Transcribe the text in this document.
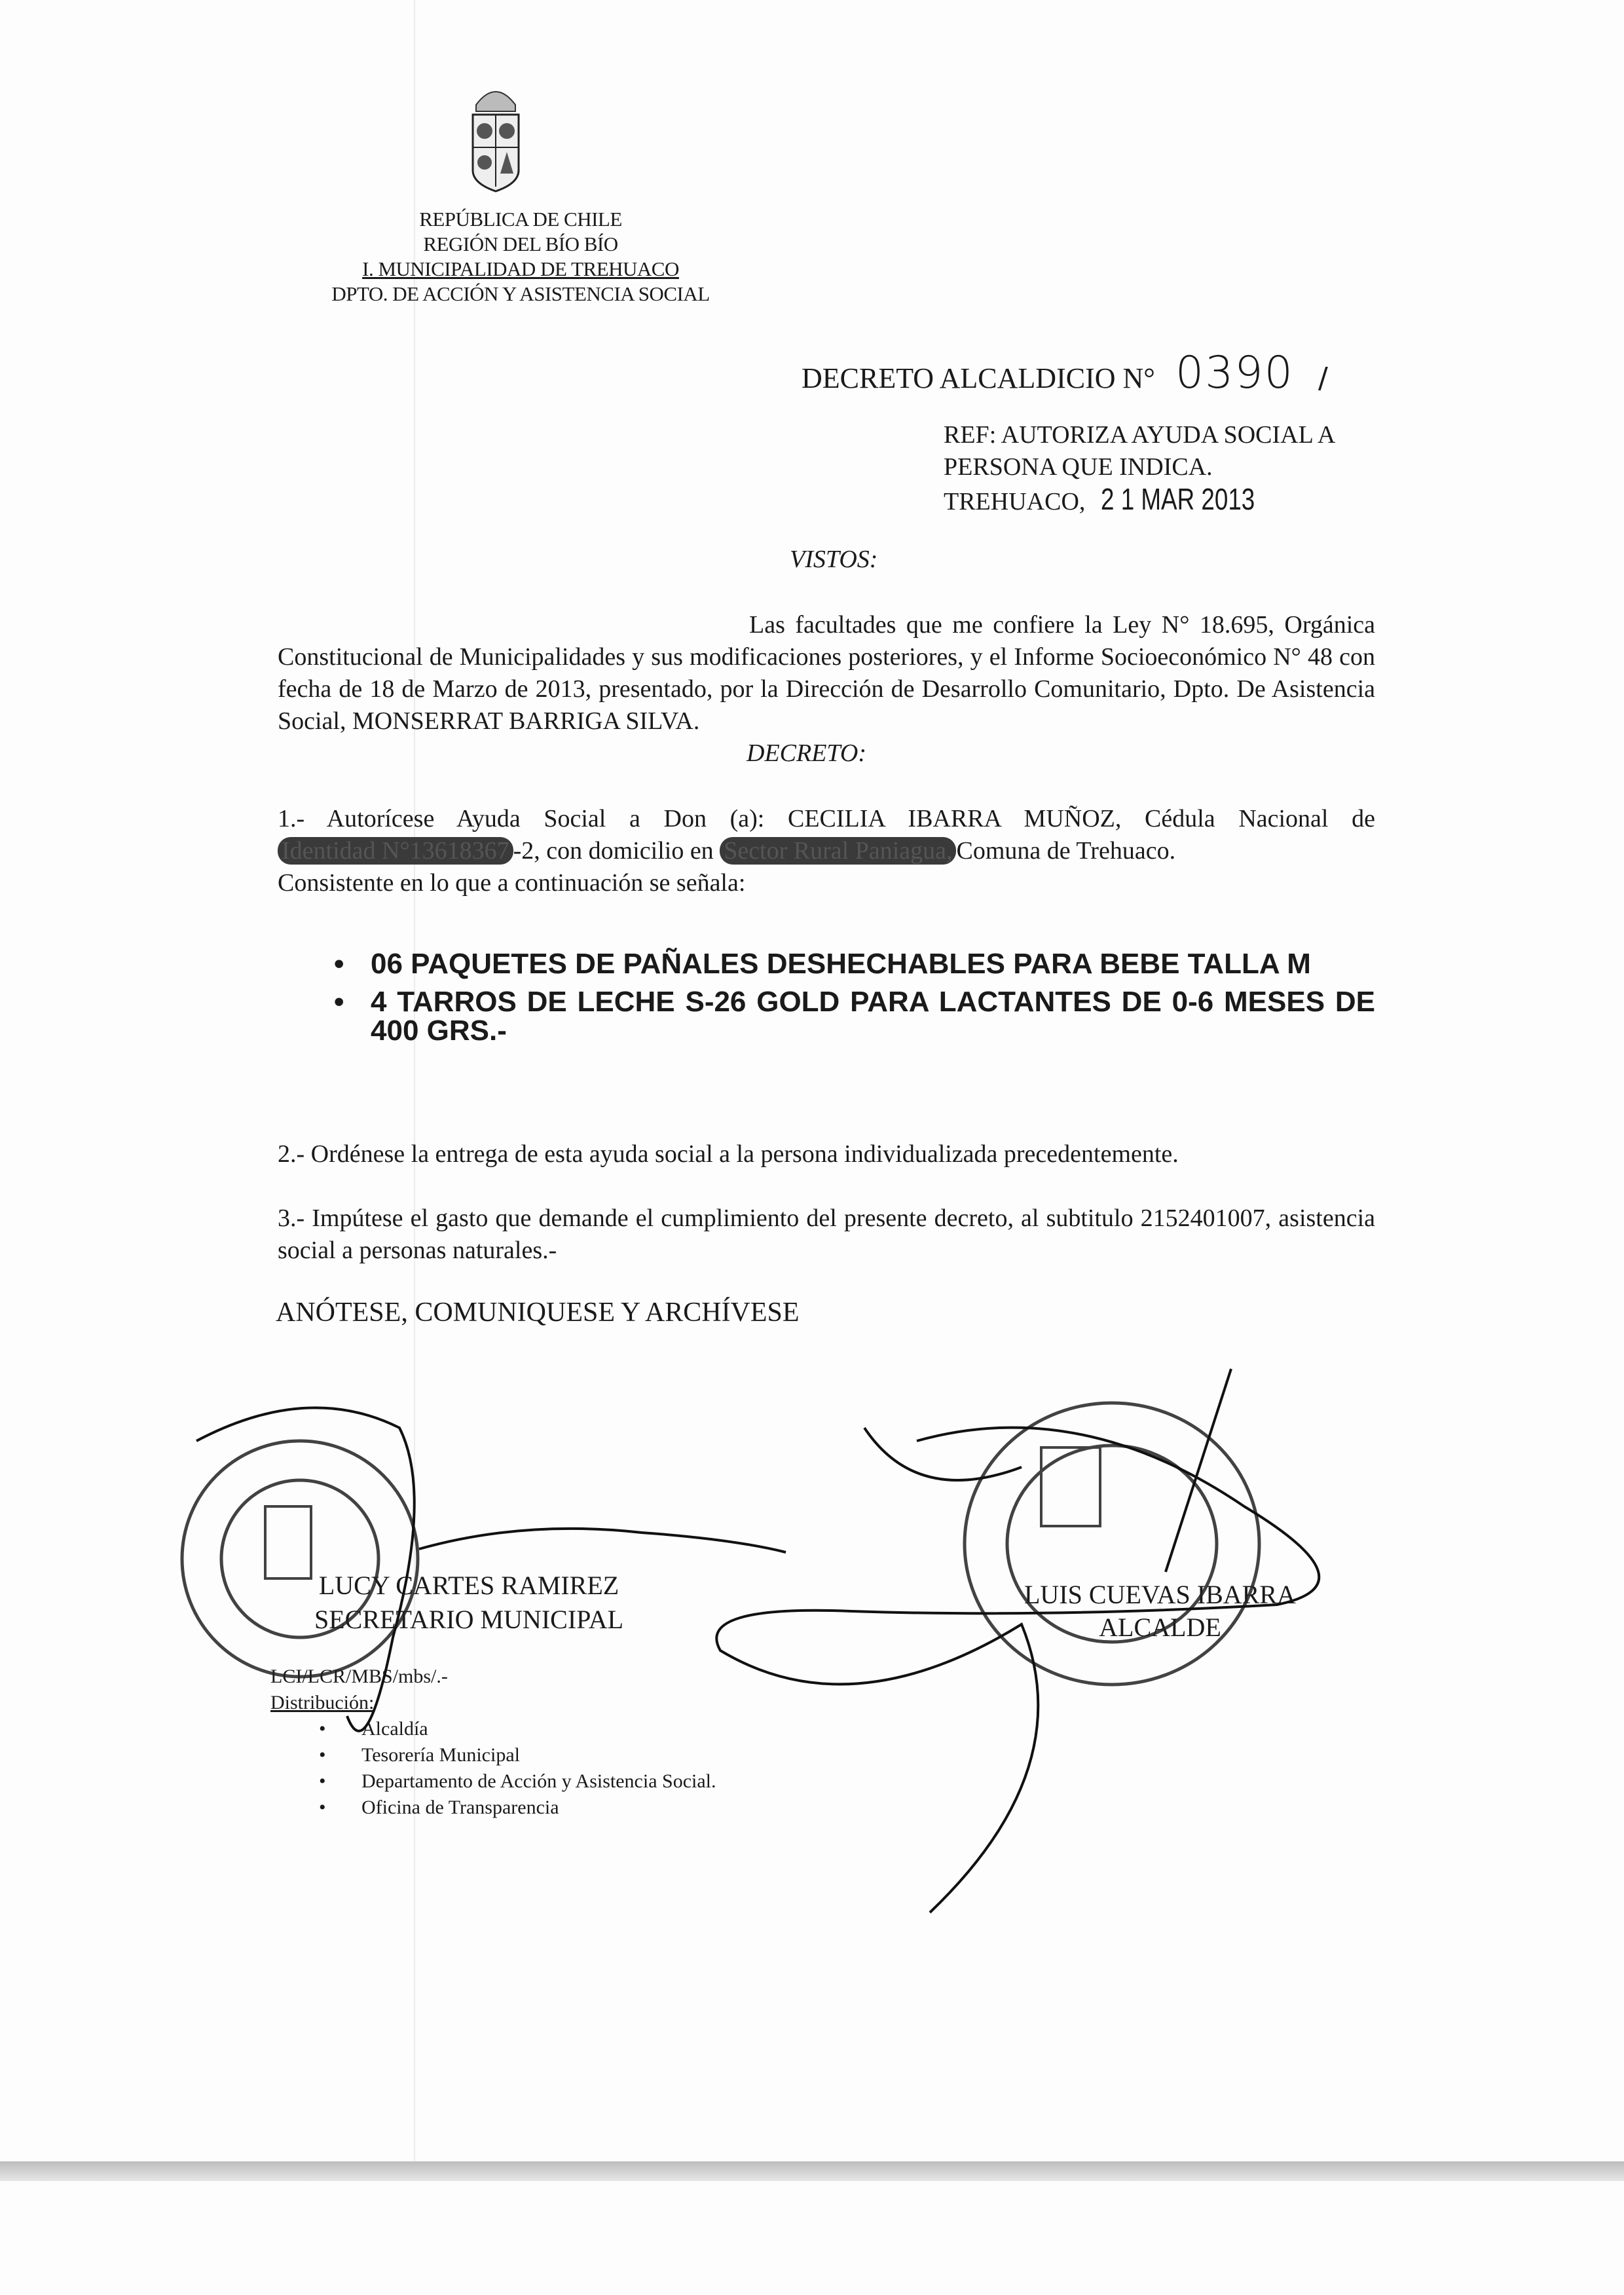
REPÚBLICA DE CHILE
REGIÓN DEL BÍO BÍO
I. MUNICIPALIDAD DE TREHUACO
DPTO. DE ACCIÓN Y ASISTENCIA SOCIAL
DECRETO ALCALDICIO N° 0390 /
REF: AUTORIZA AYUDA SOCIAL A
PERSONA QUE INDICA.
TREHUACO, 2 1 MAR 2013
VISTOS:
Las facultades que me confiere la Ley N° 18.695, Orgánica Constitucional de Municipalidades y sus modificaciones posteriores, y el Informe Socioeconómico N° 48 con fecha de 18 de Marzo de 2013, presentado, por la Dirección de Desarrollo Comunitario, Dpto. De Asistencia Social, MONSERRAT BARRIGA SILVA.
DECRETO:
1.- Autorícese Ayuda Social a Don (a): CECILIA IBARRA MUÑOZ, Cédula Nacional de
Identidad N°13618367 -2, con domicilio en Sector Rural Paniagua, Comuna de Trehuaco.
Consistente en lo que a continuación se señala:
• 06 PAQUETES DE PAÑALES DESHECHABLES PARA BEBE TALLA M
• 4 TARROS DE LECHE S-26 GOLD PARA LACTANTES DE 0-6 MESES DE 400 GRS.-
2.- Ordénese la entrega de esta ayuda social a la persona individualizada precedentemente.
3.- Impútese el gasto que demande el cumplimiento del presente decreto, al subtitulo 2152401007, asistencia social a personas naturales.-
ANÓTESE, COMUNIQUESE Y ARCHÍVESE
LUCY CARTES RAMIREZ
SECRETARIO MUNICIPAL
LUIS CUEVAS IBARRA
ALCALDE
LCI/LCR/MBS/mbs/.-
Distribución:
• Alcaldía
• Tesorería Municipal
• Departamento de Acción y Asistencia Social.
• Oficina de Transparencia
